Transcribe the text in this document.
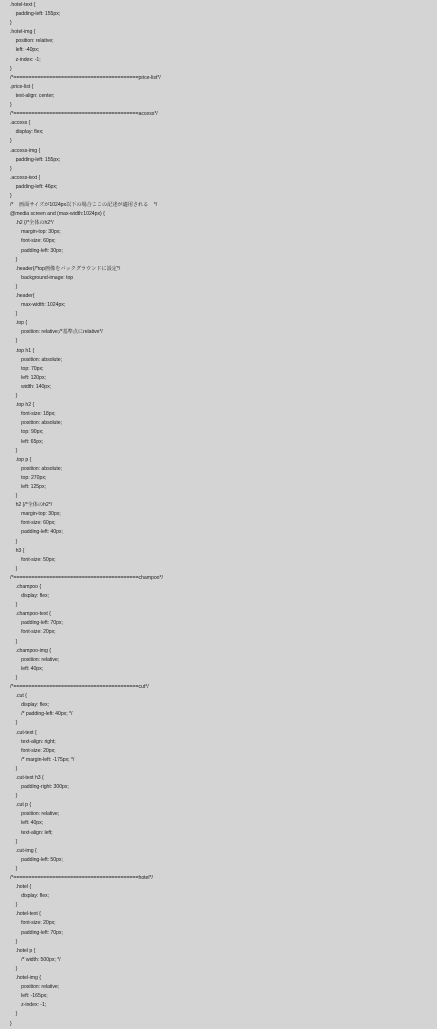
.hotel-text {
padding-left: 155px;
}
.hotel-img {
position: relative;
left: -40px;
z-index: -1;
}
/*==========================================price-list*/
.price-list {
text-align: center;
}
/*==========================================access*/
.access {
display: flex;
}
.access-img {
padding-left: 155px;
}
.access-text {
padding-left: 46px;
}
/*    画面サイズが1024px以下の場合ここの記述が適用される    */
@media screen and (max-width:1024px) {
.h2 {/*全体のh2*/
margin-top: 30px;
font-size: 60px;
padding-left: 30px;
}
.header{/*top画像をバックグラウンドに設定*/
background-image: top
}
.header{
max-width: 1024px;
}
.top {
position: relative;/*基準点にrelative*/
}
.top h1 {
position: absolute;
top: 70px;
left: 120px;
width: 140px;
}
.top h2 {
font-size: 18px;
position: absolute;
top: 90px;
left: 65px;
}
.top p {
position: absolute;
top: 270px;
left: 125px;
}
h2 {/*全体のh2*/
margin-top: 30px;
font-size: 60px;
padding-left: 40px;
}
h3 {
font-size: 50px;
}
/*==========================================champoo*/
.champoo {
display: flex;
}
.champoo-text {
padding-left: 70px;
font-size: 20px;
}
.champoo-img {
position: relative;
left: 40px;
}
/*==========================================cut*/
.cut {
display: flex;
/* padding-left: 40px; */
}
.cut-text {
text-align: right;
font-size: 20px;
/* margin-left: -175px; */
}
.cut-text h3 {
padding-right: 300px;
}
.cut p {
position: relative;
left: 40px;
text-align: left;
}
.cut-img {
padding-left: 50px;
}
/*==========================================hotel*/
.hotel {
display: flex;
}
.hotel-text {
font-size: 20px;
padding-left: 70px;
}
.hotel p {
/* width: 500px; */
}
.hotel-img {
position: relative;
left: -165px;
z-index: -1;
}
}
